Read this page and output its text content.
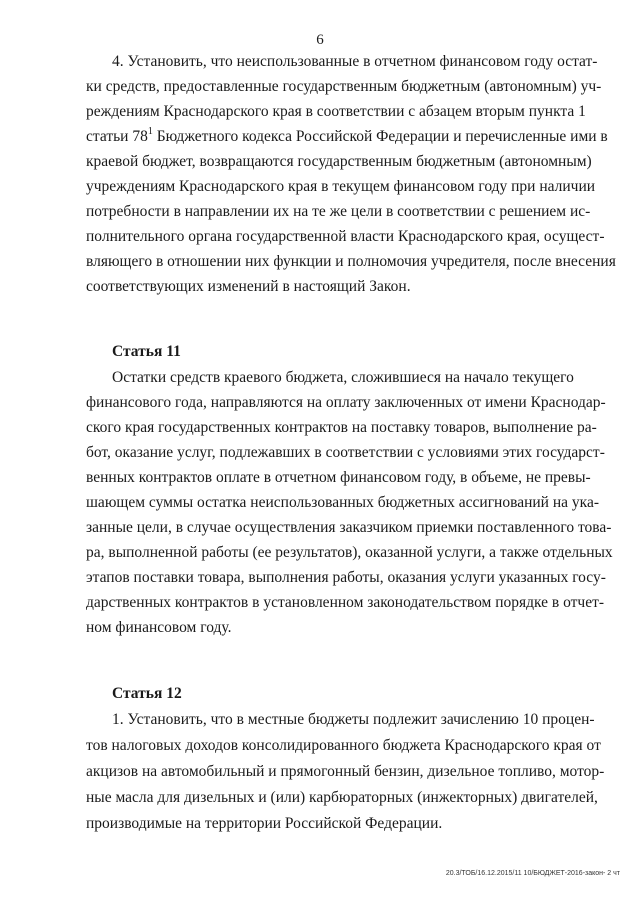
6
4. Установить, что неиспользованные в отчетном финансовом году остат-
ки средств, предоставленные государственным бюджетным (автономным) уч-
реждениям Краснодарского края в соответствии с абзацем вторым пункта 1
статьи $78^1$ Бюджетного кодекса Российской Федерации и перечисленные ими в
краевой бюджет, возвращаются государственным бюджетным (автономным)
учреждениям Краснодарского края в текущем финансовом году при наличии
потребности в направлении их на те же цели в соответствии с решением ис-
полнительного органа государственной власти Краснодарского края, осущест-
вляющего в отношении них функции и полномочия учредителя, после внесения
соответствующих изменений в настоящий Закон.
Статья 11
Остатки средств краевого бюджета, сложившиеся на начало текущего
финансового года, направляются на оплату заключенных от имени Краснодар-
ского края государственных контрактов на поставку товаров, выполнение ра-
бот, оказание услуг, подлежавших в соответствии с условиями этих государст-
венных контрактов оплате в отчетном финансовом году, в объеме, не превы-
шающем суммы остатка неиспользованных бюджетных ассигнований на ука-
занные цели, в случае осуществления заказчиком приемки поставленного това-
ра, выполненной работы (ее результатов), оказанной услуги, а также отдельных
этапов поставки товара, выполнения работы, оказания услуги указанных госу-
дарственных контрактов в установленном законодательством порядке в отчет-
ном финансовом году.
Статья 12
1. Установить, что в местные бюджеты подлежит зачислению 10 процен-
тов налоговых доходов консолидированного бюджета Краснодарского края от
акцизов на автомобильный и прямогонный бензин, дизельное топливо, мотор-
ные масла для дизельных и (или) карбюраторных (инжекторных) двигателей,
производимые на территории Российской Федерации.
20.3/ТОБ/16.12.2015/11 10/БЮДЖЕТ-2016-закон- 2 чт
